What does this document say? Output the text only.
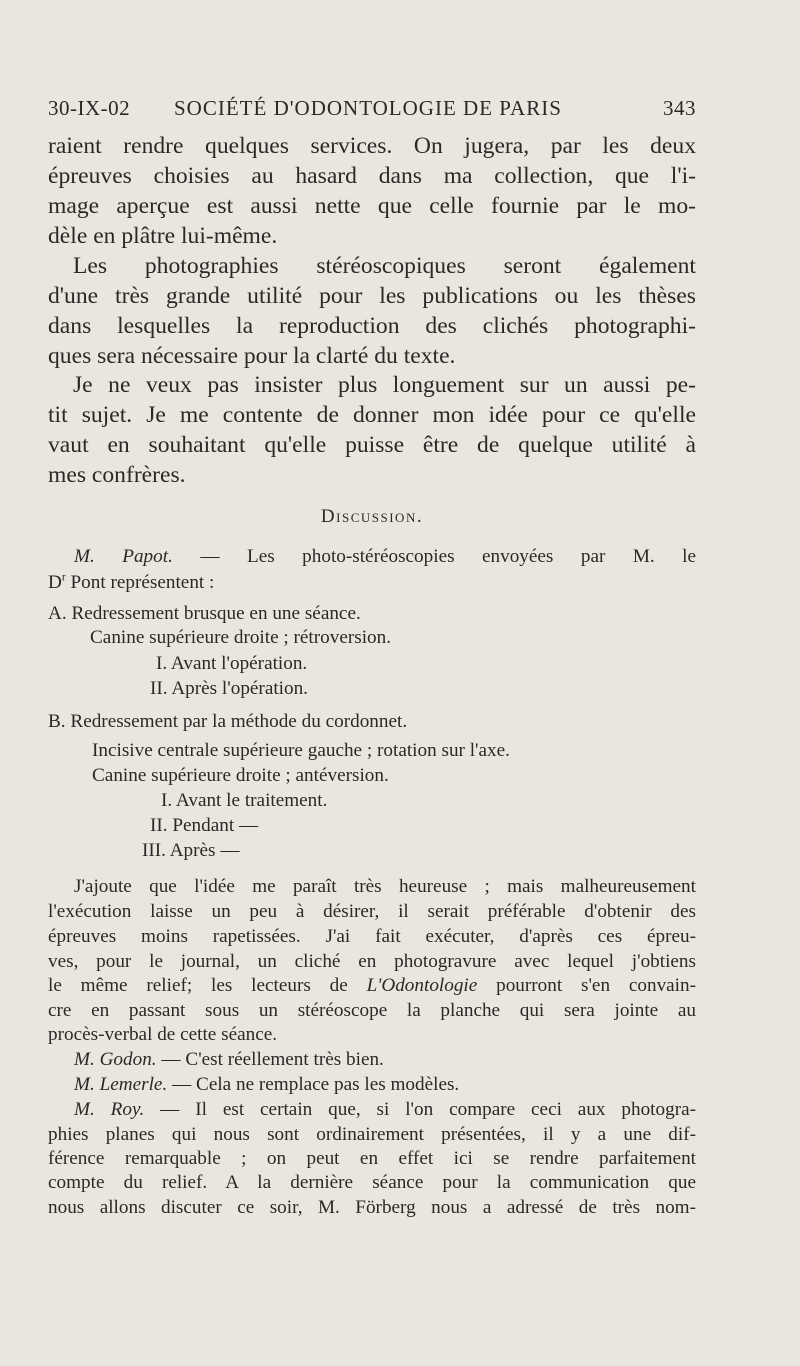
30-IX-02 SOCIÉTÉ D'ODONTOLOGIE DE PARIS	343
raient rendre quelques services. On jugera, par les deux
épreuves choisies au hasard dans ma collection, que l'i-
mage aperçue est aussi nette que celle fournie par le mo-
dèle en plâtre lui-même.
Les photographies stéréoscopiques seront également
d'une très grande utilité pour les publications ou les thèses
dans lesquelles la reproduction des clichés photographi-
ques sera nécessaire pour la clarté du texte.
Je ne veux pas insister plus longuement sur un aussi pe-
tit sujet. Je me contente de donner mon idée pour ce qu'elle
vaut en souhaitant qu'elle puisse être de quelque utilité à
mes confrères.
Discussion.
M. Papot. — Les photo-stéréoscopies envoyées par M. le
$D^r$ Pont représentent :
A. Redressement brusque en une séance.
Canine supérieure droite ; rétroversion.
I. Avant l'opération.
II. Après l'opération.
B. Redressement par la méthode du cordonnet.
Incisive centrale supérieure gauche ; rotation sur l'axe.
Canine supérieure droite ; antéversion.
I. Avant le traitement.
II. Pendant —
III. Après —
J'ajoute que l'idée me paraît très heureuse ; mais malheureusement
l'exécution laisse un peu à désirer, il serait préférable d'obtenir des
épreuves moins rapetissées. J'ai fait exécuter, d'après ces épreu-
ves, pour le journal, un cliché en photogravure avec lequel j'obtiens
le même relief; les lecteurs de L'Odontologie pourront s'en convain-
cre en passant sous un stéréoscope la planche qui sera jointe au
procès-verbal de cette séance.
M. Godon. — C'est réellement très bien.
M. Lemerle. — Cela ne remplace pas les modèles.
M. Roy. — Il est certain que, si l'on compare ceci aux photogra-
phies planes qui nous sont ordinairement présentées, il y a une dif-
férence remarquable ; on peut en effet ici se rendre parfaitement
compte du relief. A la dernière séance pour la communication que
nous allons discuter ce soir, M. Förberg nous a adressé de très nom-
